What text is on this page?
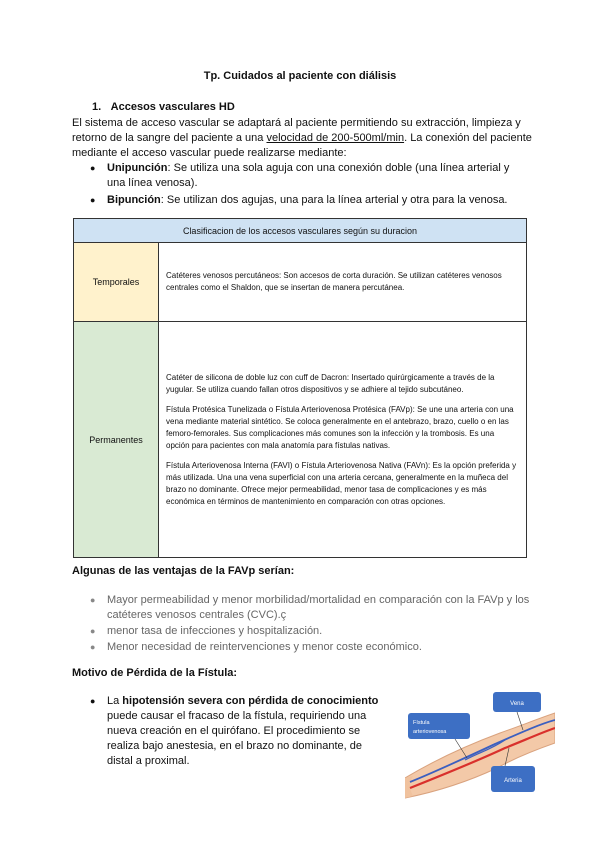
Tp. Cuidados al paciente con diálisis
1. Accesos vasculares HD

El sistema de acceso vascular se adaptará al paciente permitiendo su extracción, limpieza y retorno de la sangre del paciente a una velocidad de 200-500ml/min. La conexión del paciente mediante el acceso vascular puede realizarse mediante:

● Unipunción: Se utiliza una sola aguja con una conexión doble (una línea arterial y una línea venosa).
● Bipunción: Se utilizan dos agujas, una para la línea arterial y otra para la venosa.
Clasificacion de los accesos vasculares según su duracion	
Temporales	Catéteres venosos percutáneos: Son accesos de corta duración. Se utilizan catéteres venosos centrales como el Shaldon, que se insertan de manera percutánea.

Permanentes	Catéter de silicona de doble luz con cuff de Dacron: Insertado quirúrgicamente a través de la yugular. Se utiliza cuando fallan otros dispositivos y se adhiere al tejido subcutáneo.

Fístula Protésica Tunelizada o Fístula Arteriovenosa Protésica (FAVp): Se une una arteria con una vena mediante material sintético. Se coloca generalmente en el antebrazo, brazo, cuello o en las femoro-femorales. Sus complicaciones más comunes son la infección y la trombosis. Es una opción para pacientes con mala anatomía para fístulas nativas.

Fístula Arteriovenosa Interna (FAVI) o Fístula Arteriovenosa Nativa (FAVn): Es la opción preferida y más utilizada. Una una vena superficial con una arteria cercana, generalmente en la muñeca del brazo no dominante. Ofrece mejor permeabilidad, menor tasa de complicaciones y es más económica en términos de mantenimiento en comparación con otras opciones.

Algunas de las ventajas de la FAVp serían:
● Mayor permeabilidad y menor morbilidad/mortalidad en comparación con la FAVp y los catéteres venosos centrales (CVC).ç
● menor tasa de infecciones y hospitalización.
● Menor necesidad de reintervenciones y menor coste económico.
Motivo de Pérdida de la Fístula:
● La hipotensión severa con pérdida de conocimiento puede causar el fracaso de la fístula, requiriendo una nueva creación en el quirófano. El procedimiento se realiza bajo anestesia, en el brazo no dominante, de distal a proximal.
Vena
Fístula
arteriovenosa
Arteria
